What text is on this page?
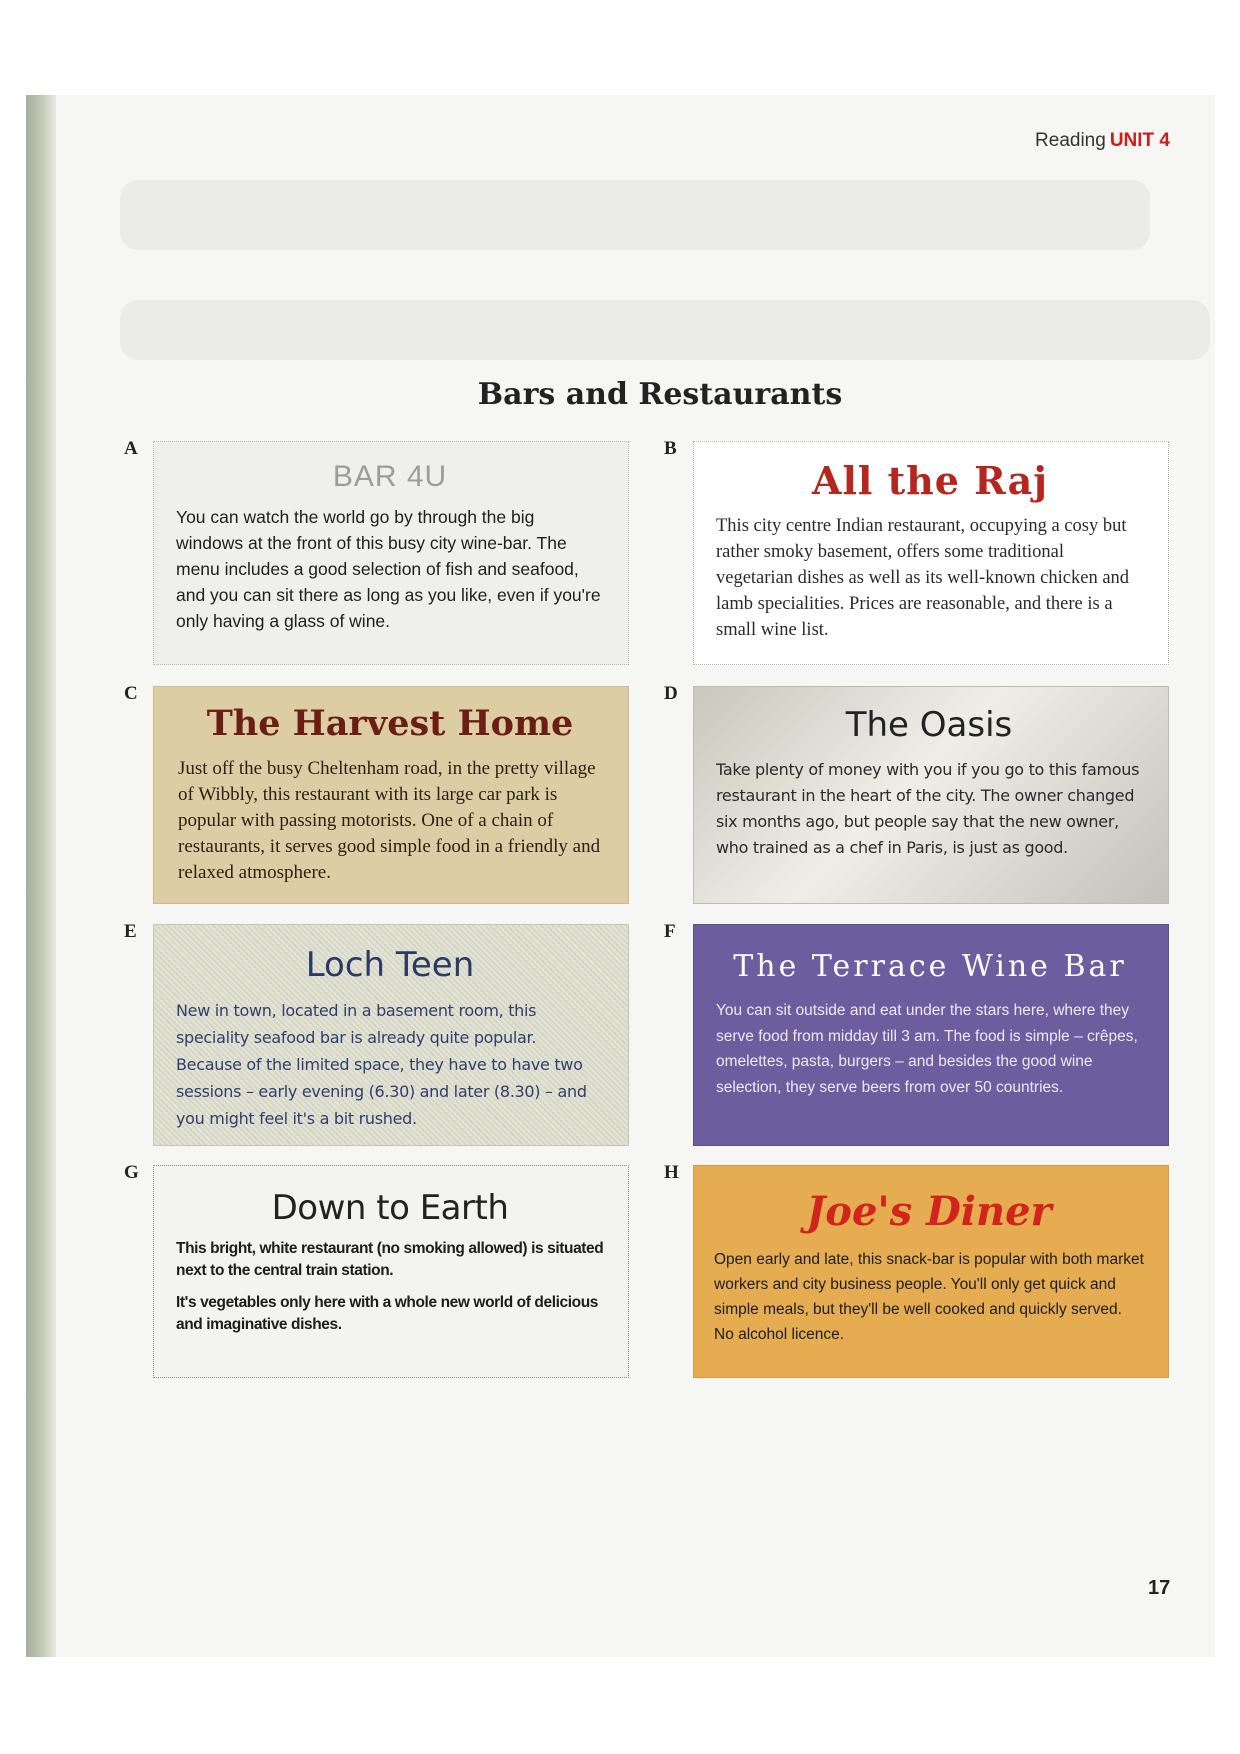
Reading UNIT 4
Bars and Restaurants
A
BAR 4U

You can watch the world go by through the big windows at the front of this busy city wine-bar. The menu includes a good selection of fish and seafood, and you can sit there as long as you like, even if you're only having a glass of wine.

B
All the Raj

This city centre Indian restaurant, occupying a cosy but rather smoky basement, offers some traditional vegetarian dishes as well as its well-known chicken and lamb specialities. Prices are reasonable, and there is a small wine list.

C
The Harvest Home

Just off the busy Cheltenham road, in the pretty village of Wibbly, this restaurant with its large car park is popular with passing motorists. One of a chain of restaurants, it serves good simple food in a friendly and relaxed atmosphere.

D
The Oasis

Take plenty of money with you if you go to this famous restaurant in the heart of the city. The owner changed six months ago, but people say that the new owner, who trained as a chef in Paris, is just as good.

E
Loch Teen

New in town, located in a basement room, this speciality seafood bar is already quite popular. Because of the limited space, they have to have two sessions – early evening (6.30) and later (8.30) – and you might feel it's a bit rushed.

F
The Terrace Wine Bar

You can sit outside and eat under the stars here, where they serve food from midday till 3 am. The food is simple – crêpes, omelettes, pasta, burgers – and besides the good wine selection, they serve beers from over 50 countries.

G
Down to Earth

This bright, white restaurant (no smoking allowed) is situated next to the central train station.

It's vegetables only here with a whole new world of delicious and imaginative dishes.

H
Joe's Diner

Open early and late, this snack-bar is popular with both market workers and city business people. You'll only get quick and simple meals, but they'll be well cooked and quickly served. No alcohol licence.

17
